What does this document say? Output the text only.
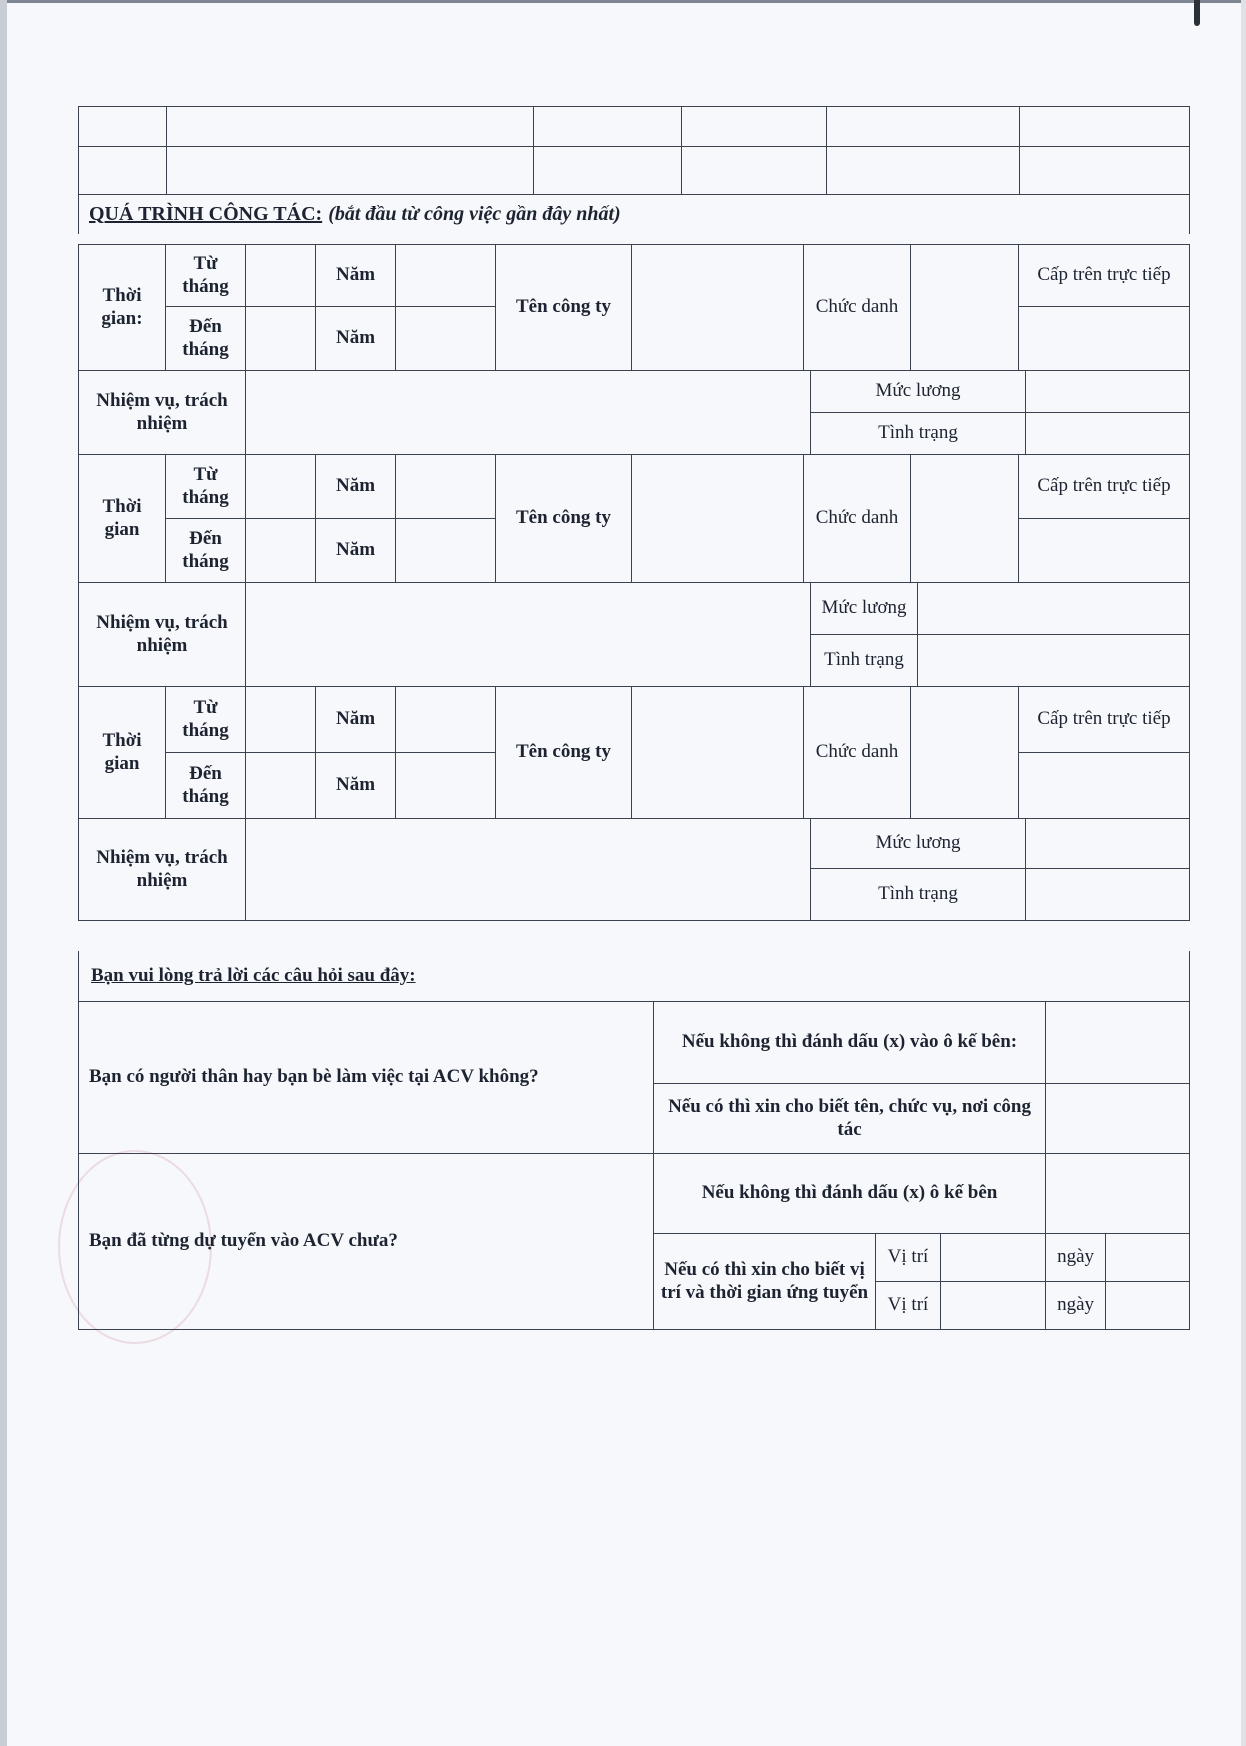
QUÁ TRÌNH CÔNG TÁC: (bắt đầu từ công việc gần đây nhất)
Thời gian:	Từ tháng		Năm		Tên công ty		Chức danh		Cấp trên trực tiếp
	Đến tháng		Năm						
Nhiệm vụ, trách nhiệm		Mức lương	
		Tình trạng	
Thời gian	Từ tháng		Năm		Tên công ty		Chức danh		Cấp trên trực tiếp
	Đến tháng		Năm						
Nhiệm vụ, trách nhiệm		Mức lương	
		Tình trạng	
Thời gian	Từ tháng		Năm		Tên công ty		Chức danh		Cấp trên trực tiếp
	Đến tháng		Năm						
Nhiệm vụ, trách nhiệm		Mức lương	
		Tình trạng	
Bạn vui lòng trả lời các câu hỏi sau đây:
Bạn có người thân hay bạn bè làm việc tại ACV không?	Nếu không thì đánh dấu (x) vào ô kế bên:				
	Nếu có thì xin cho biết tên, chức vụ, nơi công tác				
Bạn đã từng dự tuyển vào ACV chưa?	Nếu không thì đánh dấu (x) ô kế bên				
	Nếu có thì xin cho biết vị trí và thời gian ứng tuyển	Vị trí		ngày	
		Vị trí		ngày	
